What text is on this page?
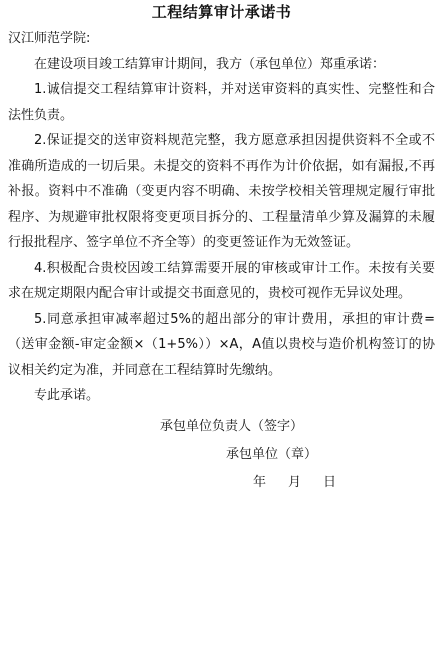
工程结算审计承诺书

汉江师范学院:

在建设项目竣工结算审计期间，我方（承包单位）郑重承诺：

1.诚信提交工程结算审计资料，并对送审资料的真实性、完整性和合法性负责。

2.保证提交的送审资料规范完整，我方愿意承担因提供资料不全或不准确所造成的一切后果。未提交的资料不再作为计价依据，如有漏报,不再补报。资料中不准确（变更内容不明确、未按学校相关管理规定履行审批程序、为规避审批权限将变更项目拆分的、工程量清单少算及漏算的未履行报批程序、签字单位不齐全等）的变更签证作为无效签证。

4.积极配合贵校因竣工结算需要开展的审核或审计工作。未按有关要求在规定期限内配合审计或提交书面意见的，贵校可视作无异议处理。

5.同意承担审减率超过5%的超出部分的审计费用，承担的审计费=（送审金额-审定金额×（1+5%））×A，A值以贵校与造价机构签订的协议相关约定为准，并同意在工程结算时先缴纳。

专此承诺。

承包单位负责人（签字）

承包单位（章）

年 月 日
